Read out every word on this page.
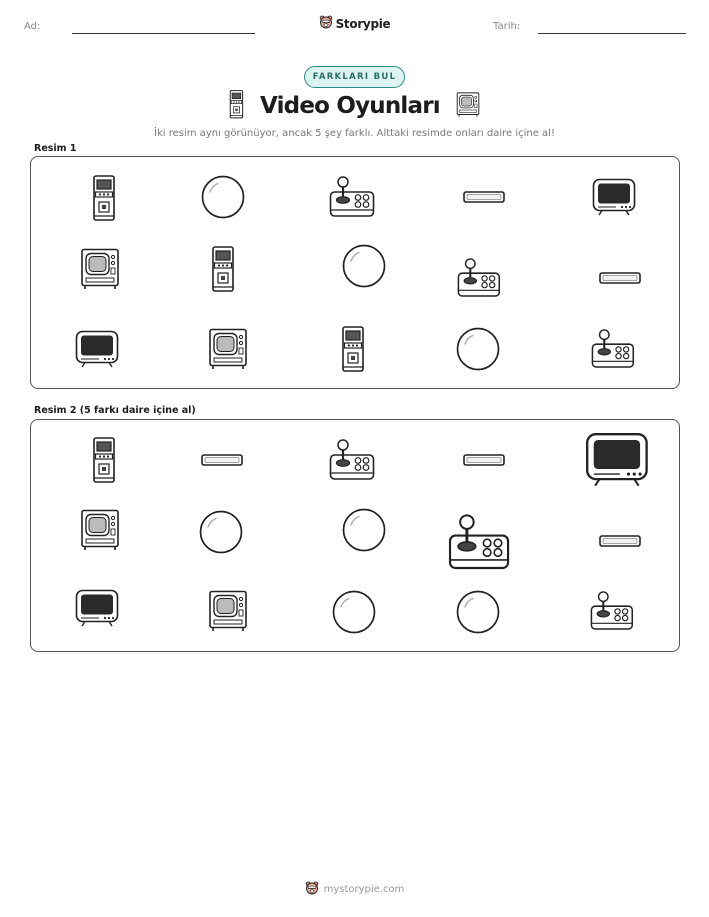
Ad:	Storypie	Tarih:
FARKLARI BUL
Video Oyunları
İki resim aynı görünüyor, ancak 5 şey farklı. Alttaki resimde onları daire içine al!
Resim 1
Resim 2 (5 farkı daire içine al)
mystorypie.com
